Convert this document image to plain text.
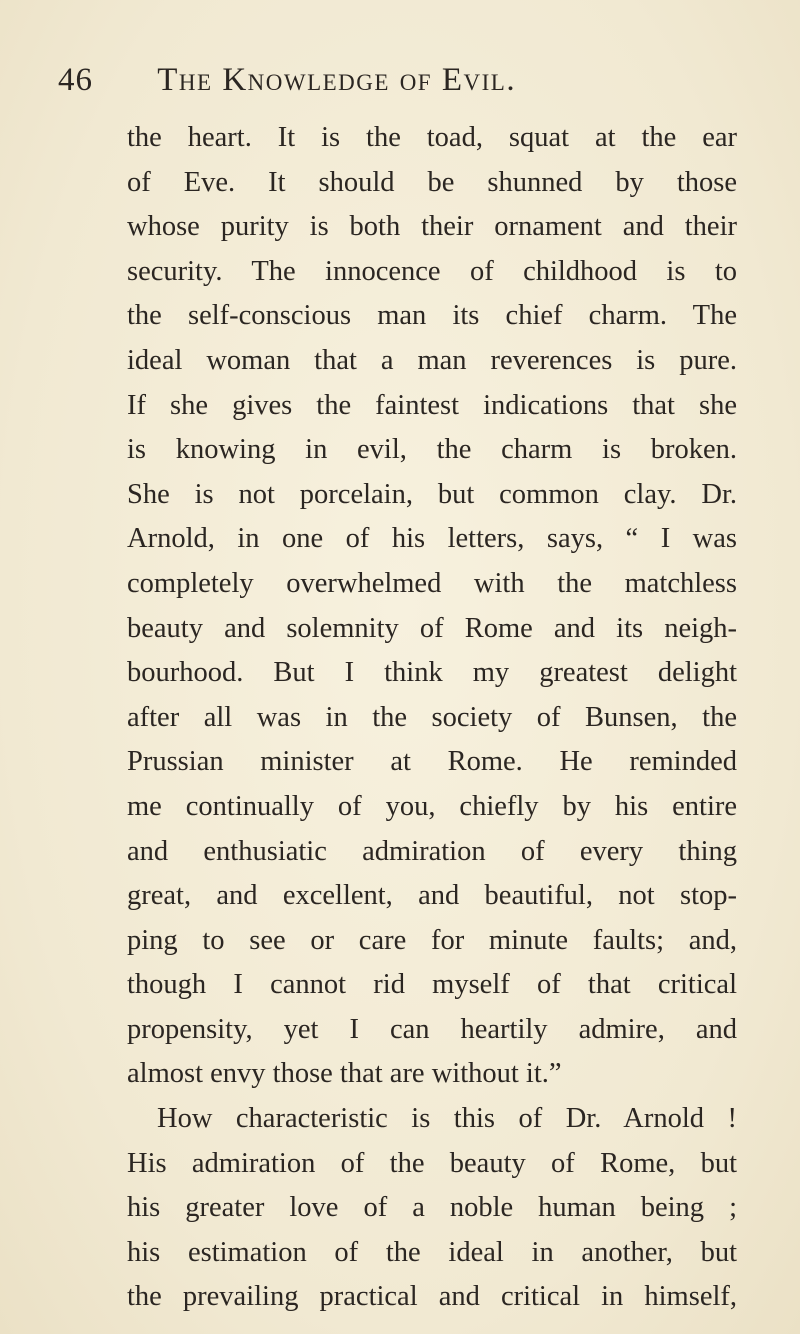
46 The Knowledge of Evil.
the heart. It is the toad, squat at the ear
of Eve. It should be shunned by those
whose purity is both their ornament and their
security. The innocence of childhood is to
the self-conscious man its chief charm. The
ideal woman that a man reverences is pure.
If she gives the faintest indications that she
is knowing in evil, the charm is broken.
She is not porcelain, but common clay. Dr.
Arnold, in one of his letters, says, “ I was
completely overwhelmed with the matchless
beauty and solemnity of Rome and its neigh-
bourhood. But I think my greatest delight
after all was in the society of Bunsen, the
Prussian minister at Rome. He reminded
me continually of you, chiefly by his entire
and enthusiatic admiration of every thing
great, and excellent, and beautiful, not stop-
ping to see or care for minute faults; and,
though I cannot rid myself of that critical
propensity, yet I can heartily admire, and
almost envy those that are without it.”
How characteristic is this of Dr. Arnold !
His admiration of the beauty of Rome, but
his greater love of a noble human being ;
his estimation of the ideal in another, but
the prevailing practical and critical in himself,
